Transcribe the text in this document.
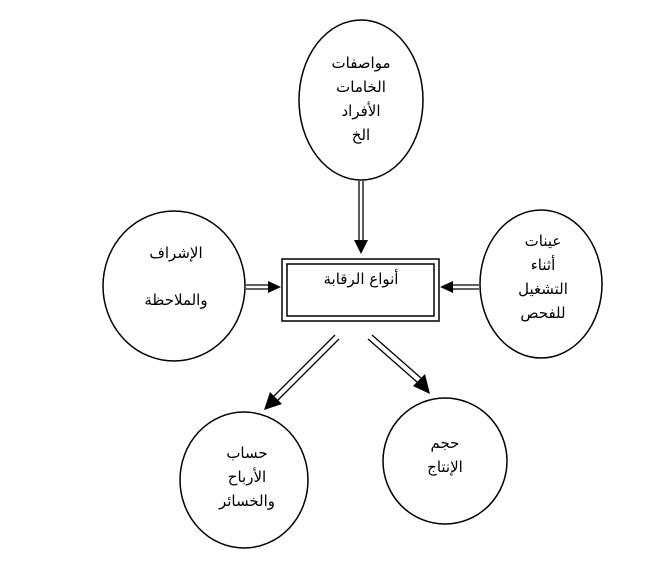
مواصفات
الخامات
الأفراد
الخ
الإشراف
والملاحظة
عينات
أثناء
التشغيل
للفحص
أنواع الرقابة
حساب
الأرباح
والخسائر
حجم
الإنتاج
